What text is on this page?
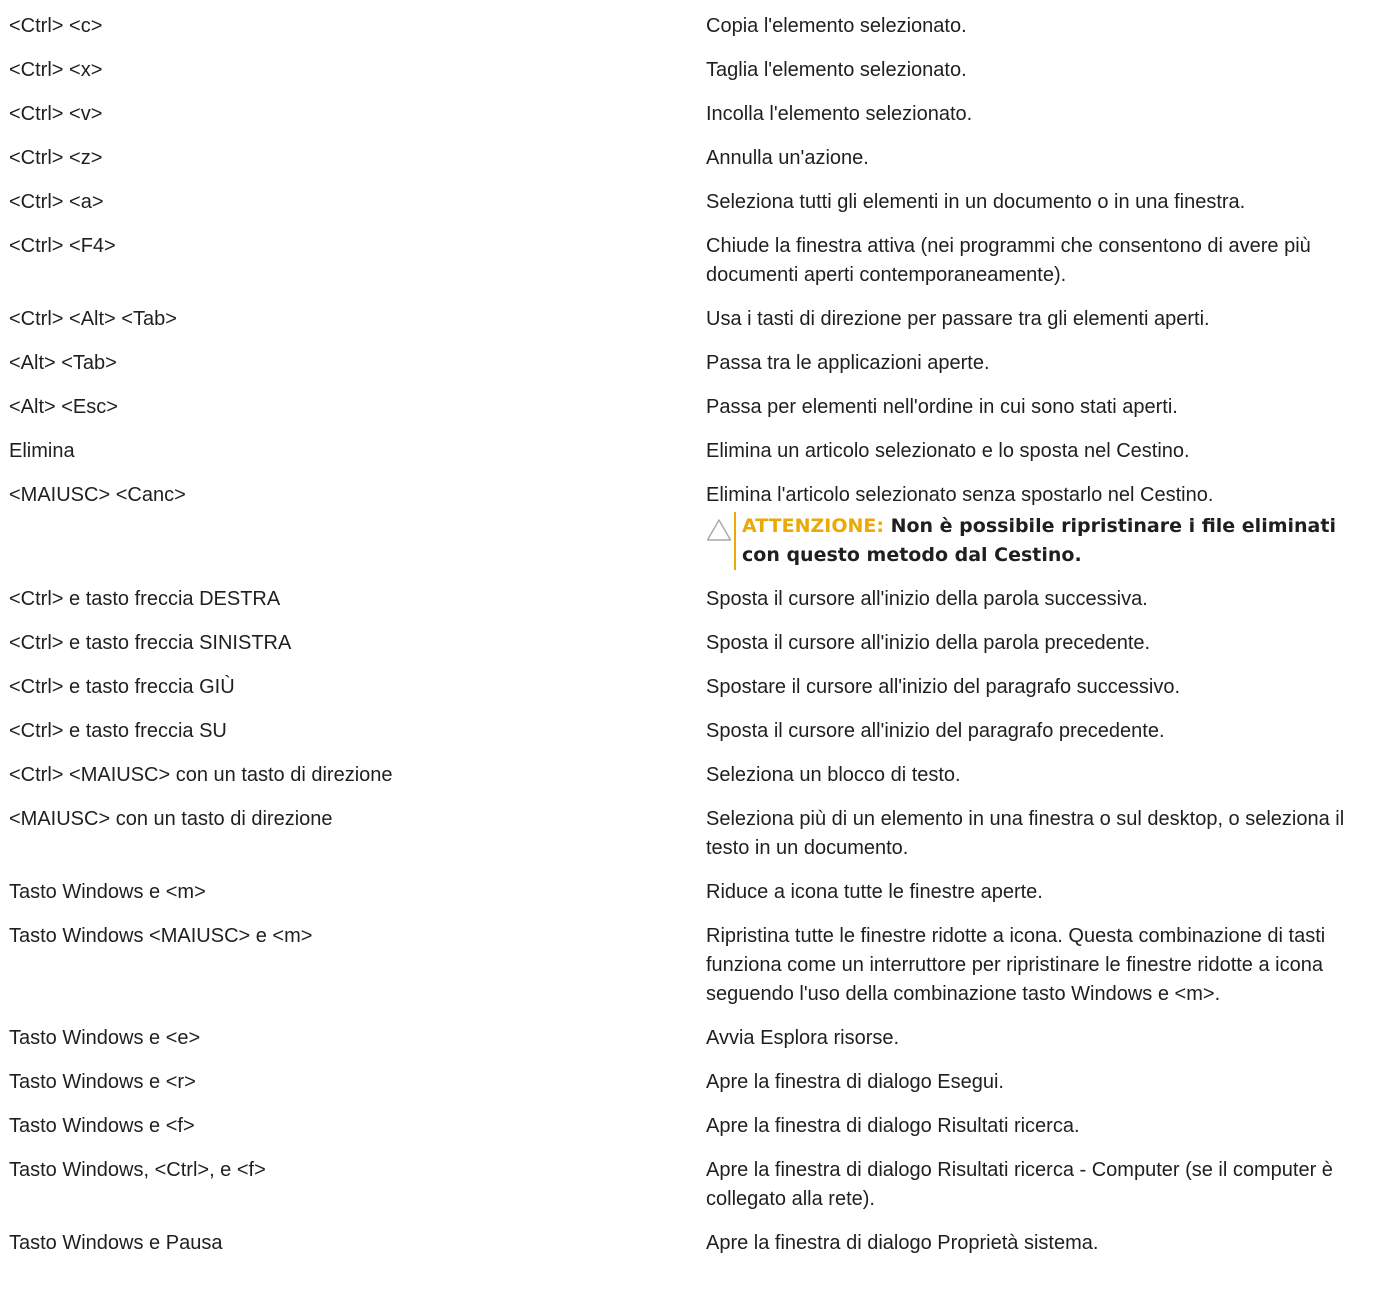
<Ctrl> <c>	Copia l'elemento selezionato.
<Ctrl> <x>	Taglia l'elemento selezionato.
<Ctrl> <v>	Incolla l'elemento selezionato.
<Ctrl> <z>	Annulla un'azione.
<Ctrl> <a>	Seleziona tutti gli elementi in un documento o in una finestra.
<Ctrl> <F4>	Chiude la finestra attiva (nei programmi che consentono di avere più documenti aperti contemporaneamente).
<Ctrl> <Alt> <Tab>	Usa i tasti di direzione per passare tra gli elementi aperti.
<Alt> <Tab>	Passa tra le applicazioni aperte.
<Alt> <Esc>	Passa per elementi nell'ordine in cui sono stati aperti.
Elimina	Elimina un articolo selezionato e lo sposta nel Cestino.
<MAIUSC> <Canc>	Elimina l'articolo selezionato senza spostarlo nel Cestino.
ATTENZIONE: Non è possibile ripristinare i file eliminati con questo metodo dal Cestino.
<Ctrl> e tasto freccia DESTRA	Sposta il cursore all'inizio della parola successiva.
<Ctrl> e tasto freccia SINISTRA	Sposta il cursore all'inizio della parola precedente.
<Ctrl> e tasto freccia GIÙ	Spostare il cursore all'inizio del paragrafo successivo.
<Ctrl> e tasto freccia SU	Sposta il cursore all'inizio del paragrafo precedente.
<Ctrl> <MAIUSC> con un tasto di direzione	Seleziona un blocco di testo.
<MAIUSC> con un tasto di direzione	Seleziona più di un elemento in una finestra o sul desktop, o seleziona il testo in un documento.
Tasto Windows e <m>	Riduce a icona tutte le finestre aperte.
Tasto Windows <MAIUSC> e <m>	Ripristina tutte le finestre ridotte a icona. Questa combinazione di tasti funziona come un interruttore per ripristinare le finestre ridotte a icona seguendo l'uso della combinazione tasto Windows e <m>.
Tasto Windows e <e>	Avvia Esplora risorse.
Tasto Windows e <r>	Apre la finestra di dialogo Esegui.
Tasto Windows e <f>	Apre la finestra di dialogo Risultati ricerca.
Tasto Windows, <Ctrl>, e <f>	Apre la finestra di dialogo Risultati ricerca - Computer (se il computer è collegato alla rete).
Tasto Windows e Pausa	Apre la finestra di dialogo Proprietà sistema.
